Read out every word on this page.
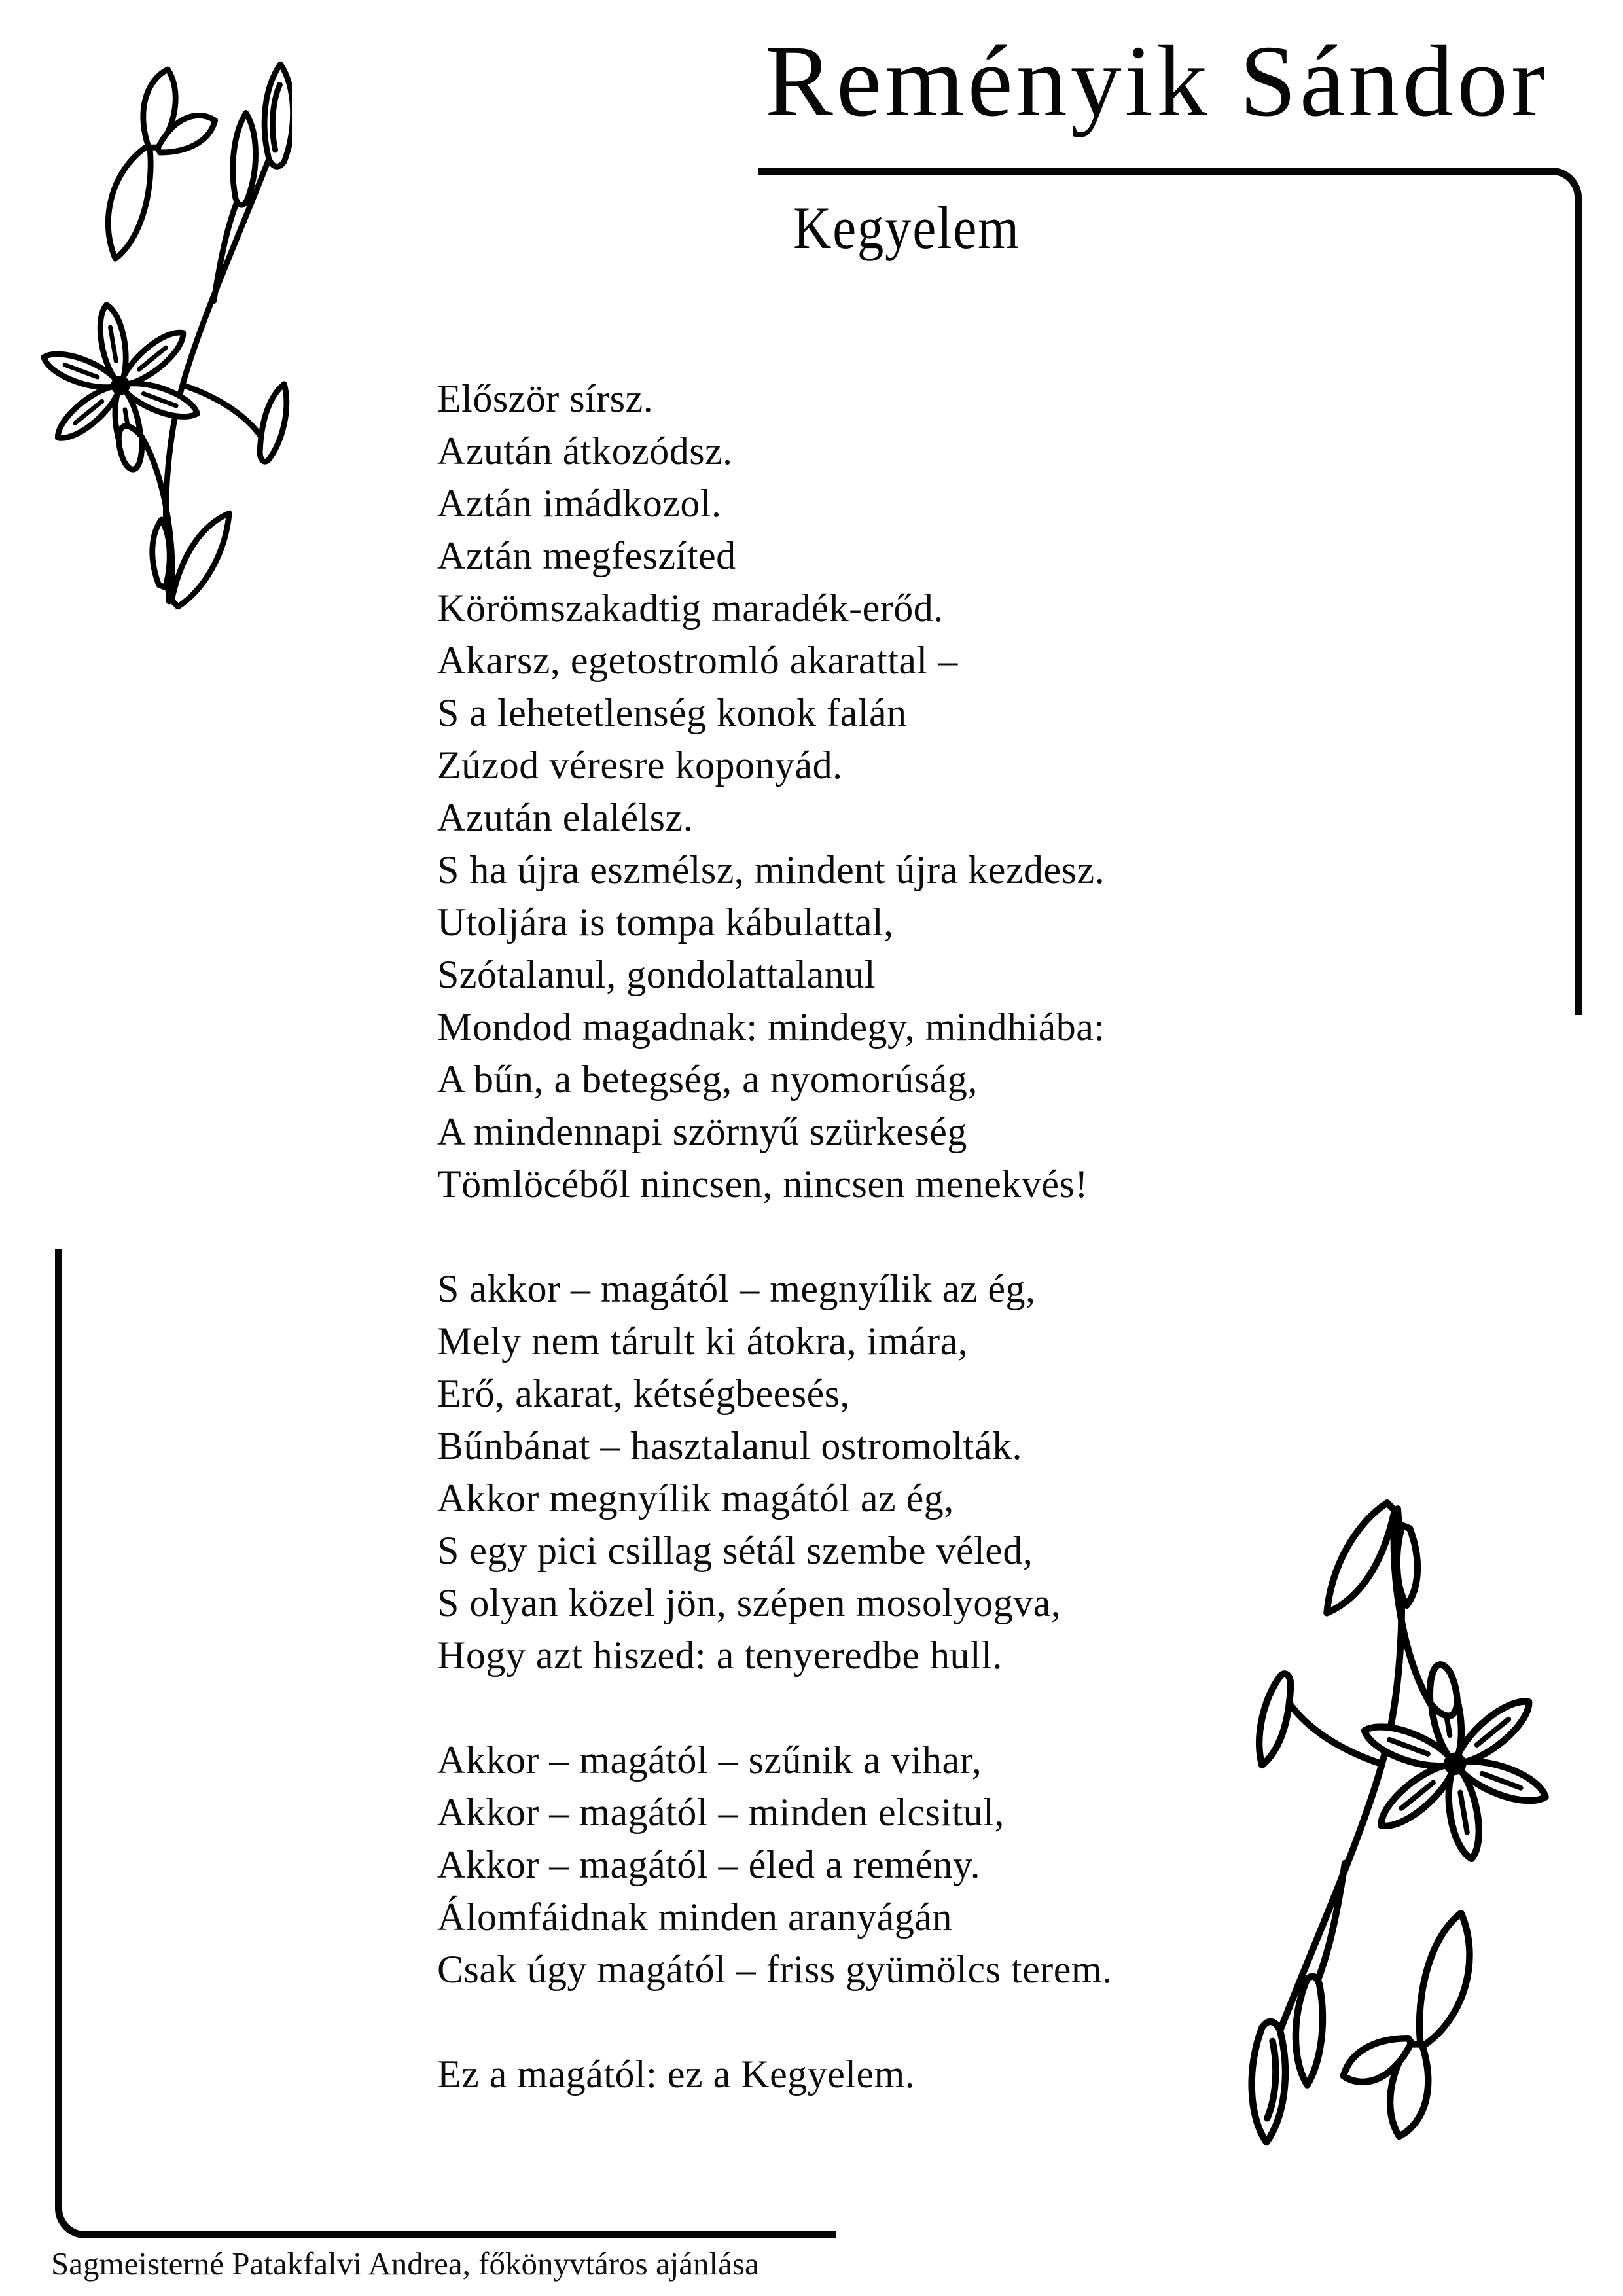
Reményik Sándor
Kegyelem
Először sírsz.
Azután átkozódsz.
Aztán imádkozol.
Aztán megfeszíted
Körömszakadtig maradék-erőd.
Akarsz, egetostromló akarattal –
S a lehetetlenség konok falán
Zúzod véresre koponyád.
Azután elalélsz.
S ha újra eszmélsz, mindent újra kezdesz.
Utoljára is tompa kábulattal,
Szótalanul, gondolattalanul
Mondod magadnak: mindegy, mindhiába:
A bűn, a betegség, a nyomorúság,
A mindennapi szörnyű szürkeség
Tömlöcéből nincsen, nincsen menekvés!
S akkor – magától – megnyílik az ég,
Mely nem tárult ki átokra, imára,
Erő, akarat, kétségbeesés,
Bűnbánat – hasztalanul ostromolták.
Akkor megnyílik magától az ég,
S egy pici csillag sétál szembe véled,
S olyan közel jön, szépen mosolyogva,
Hogy azt hiszed: a tenyeredbe hull.
Akkor – magától – szűnik a vihar,
Akkor – magától – minden elcsitul,
Akkor – magától – éled a remény.
Álomfáidnak minden aranyágán
Csak úgy magától – friss gyümölcs terem.
Ez a magától: ez a Kegyelem.
Sagmeisterné Patakfalvi Andrea, főkönyvtáros ajánlása
